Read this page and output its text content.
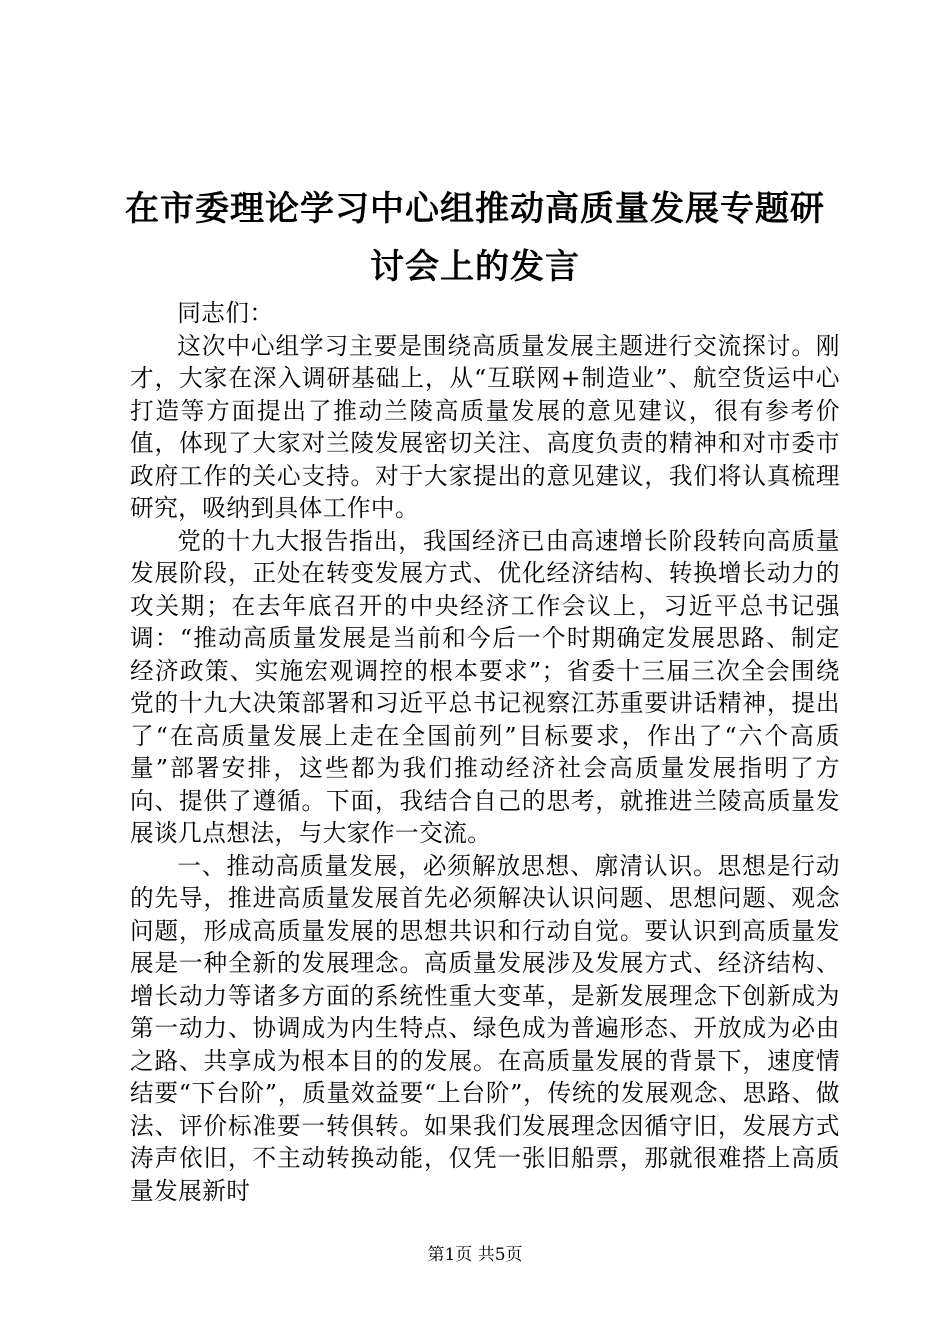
在市委理论学习中心组推动高质量发展专题研讨会上的发言

同志们：

这次中心组学习主要是围绕高质量发展主题进行交流探讨。刚才，大家在深入调研基础上，从“互联网+制造业”、航空货运中心打造等方面提出了推动兰陵高质量发展的意见建议，很有参考价值，体现了大家对兰陵发展密切关注、高度负责的精神和对市委市政府工作的关心支持。对于大家提出的意见建议，我们将认真梳理研究，吸纳到具体工作中。

党的十九大报告指出，我国经济已由高速增长阶段转向高质量发展阶段，正处在转变发展方式、优化经济结构、转换增长动力的攻关期；在去年底召开的中央经济工作会议上，习近平总书记强调：“推动高质量发展是当前和今后一个时期确定发展思路、制定经济政策、实施宏观调控的根本要求”；省委十三届三次全会围绕党的十九大决策部署和习近平总书记视察江苏重要讲话精神，提出了“在高质量发展上走在全国前列”目标要求，作出了“六个高质量”部署安排，这些都为我们推动经济社会高质量发展指明了方向、提供了遵循。下面，我结合自己的思考，就推进兰陵高质量发展谈几点想法，与大家作一交流。

一、推动高质量发展，必须解放思想、廓清认识。思想是行动的先导，推进高质量发展首先必须解决认识问题、思想问题、观念问题，形成高质量发展的思想共识和行动自觉。要认识到高质量发展是一种全新的发展理念。高质量发展涉及发展方式、经济结构、增长动力等诸多方面的系统性重大变革，是新发展理念下创新成为第一动力、协调成为内生特点、绿色成为普遍形态、开放成为必由之路、共享成为根本目的的发展。在高质量发展的背景下，速度情结要“下台阶”，质量效益要“上台阶”，传统的发展观念、思路、做法、评价标准要一转俱转。如果我们发展理念因循守旧，发展方式涛声依旧，不主动转换动能，仅凭一张旧船票，那就很难搭上高质量发展新时

第1页 共5页
